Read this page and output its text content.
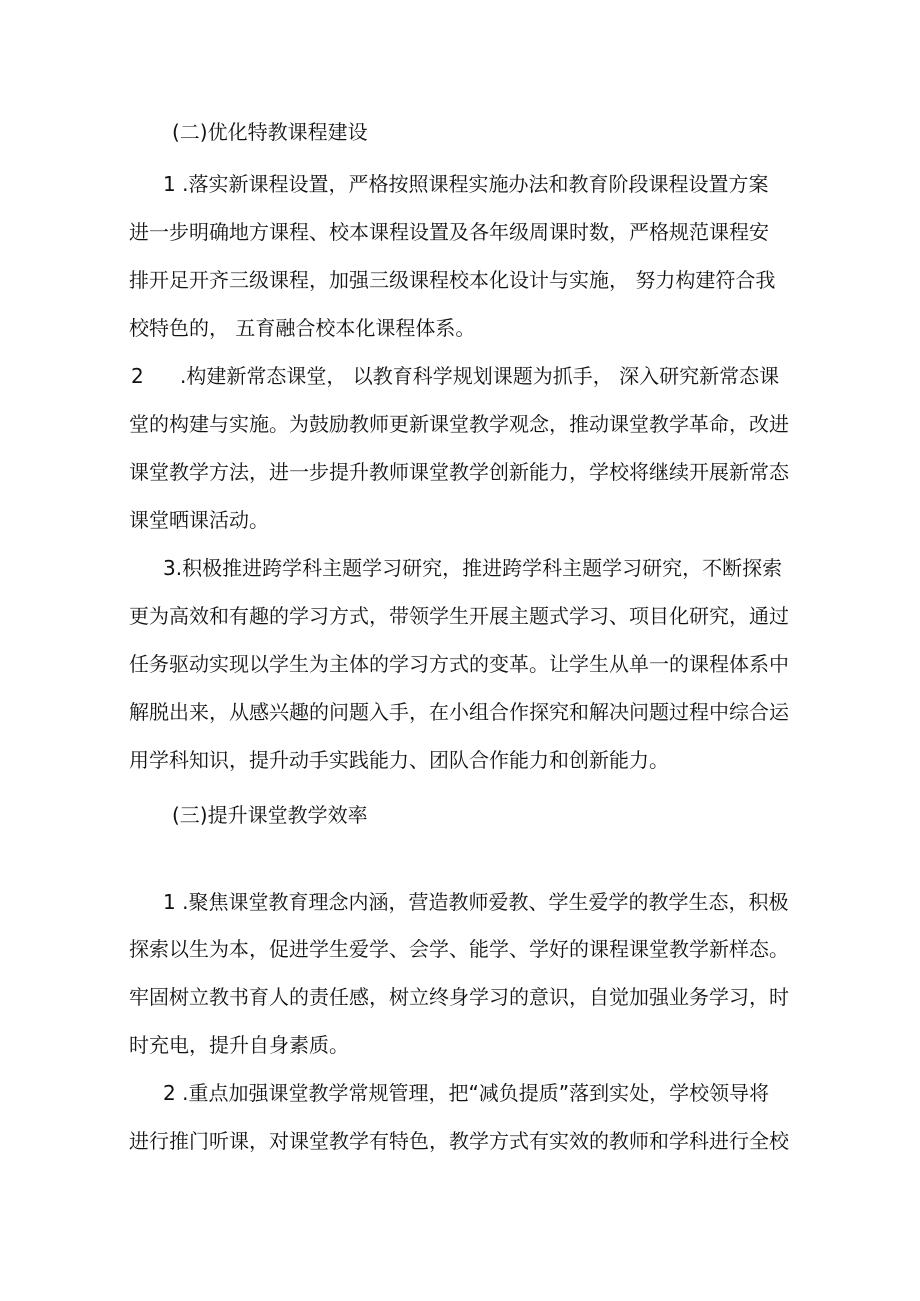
(二)优化特教课程建设
1 .落实新课程设置，严格按照课程实施办法和教育阶段课程设置方案
进一步明确地方课程、校本课程设置及各年级周课时数，严格规范课程安
排开足开齐三级课程，加强三级课程校本化设计与实施， 努力构建符合我
校特色的， 五育融合校本化课程体系。
2 .构建新常态课堂， 以教育科学规划课题为抓手， 深入研究新常态课
堂的构建与实施。为鼓励教师更新课堂教学观念，推动课堂教学革命，改进
课堂教学方法，进一步提升教师课堂教学创新能力，学校将继续开展新常态
课堂晒课活动。
3.积极推进跨学科主题学习研究，推进跨学科主题学习研究，不断探索
更为高效和有趣的学习方式，带领学生开展主题式学习、项目化研究，通过
任务驱动实现以学生为主体的学习方式的变革。让学生从单一的课程体系中
解脱出来，从感兴趣的问题入手，在小组合作探究和解决问题过程中综合运
用学科知识，提升动手实践能力、团队合作能力和创新能力。
(三)提升课堂教学效率
1 .聚焦课堂教育理念内涵，营造教师爱教、学生爱学的教学生态，积极
探索以生为本，促进学生爱学、会学、能学、学好的课程课堂教学新样态。
牢固树立教书育人的责任感，树立终身学习的意识，自觉加强业务学习，时
时充电，提升自身素质。
2 .重点加强课堂教学常规管理，把“减负提质”落到实处，学校领导将
进行推门听课，对课堂教学有特色，教学方式有实效的教师和学科进行全校
